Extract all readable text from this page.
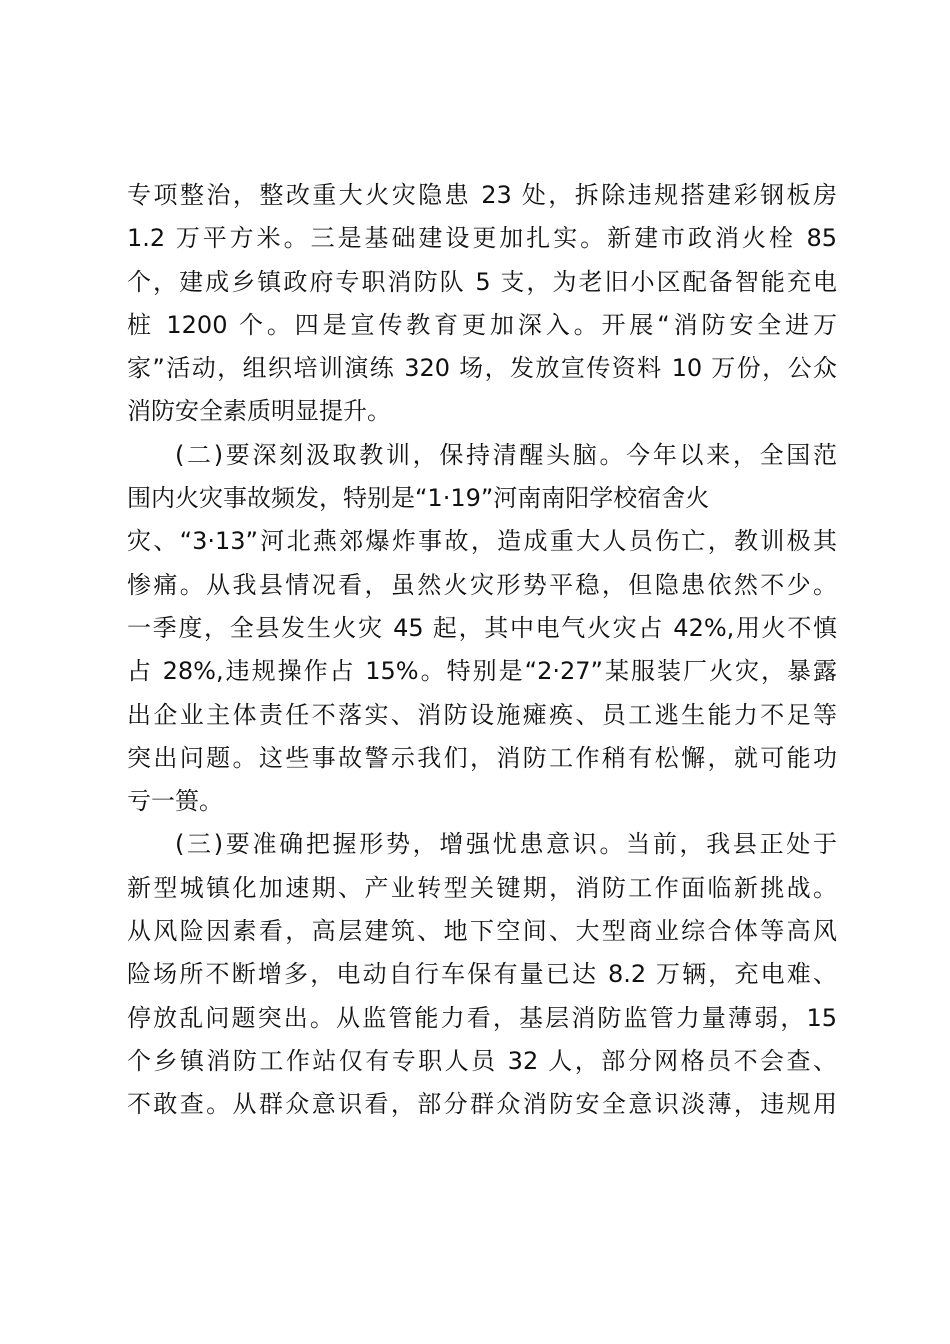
专项整治，整改重大火灾隐患 23 处，拆除违规搭建彩钢板房
1.2 万平方米。三是基础建设更加扎实。新建市政消火栓 85
个，建成乡镇政府专职消防队 5 支，为老旧小区配备智能充电
桩 1200 个。四是宣传教育更加深入。开展“消防安全进万
家”活动，组织培训演练 320 场，发放宣传资料 10 万份，公众
消防安全素质明显提升。
(二)要深刻汲取教训，保持清醒头脑。今年以来，全国范
围内火灾事故频发，特别是“1·19”河南南阳学校宿舍火
灾、“3·13”河北燕郊爆炸事故，造成重大人员伤亡，教训极其
惨痛。从我县情况看，虽然火灾形势平稳，但隐患依然不少。
一季度，全县发生火灾 45 起，其中电气火灾占 42%,用火不慎
占 28%,违规操作占 15%。特别是“2·27”某服装厂火灾，暴露
出企业主体责任不落实、消防设施瘫痪、员工逃生能力不足等
突出问题。这些事故警示我们，消防工作稍有松懈，就可能功
亏一篑。
(三)要准确把握形势，增强忧患意识。当前，我县正处于
新型城镇化加速期、产业转型关键期，消防工作面临新挑战。
从风险因素看，高层建筑、地下空间、大型商业综合体等高风
险场所不断增多，电动自行车保有量已达 8.2 万辆，充电难、
停放乱问题突出。从监管能力看，基层消防监管力量薄弱，15
个乡镇消防工作站仅有专职人员 32 人，部分网格员不会查、
不敢查。从群众意识看，部分群众消防安全意识淡薄，违规用
